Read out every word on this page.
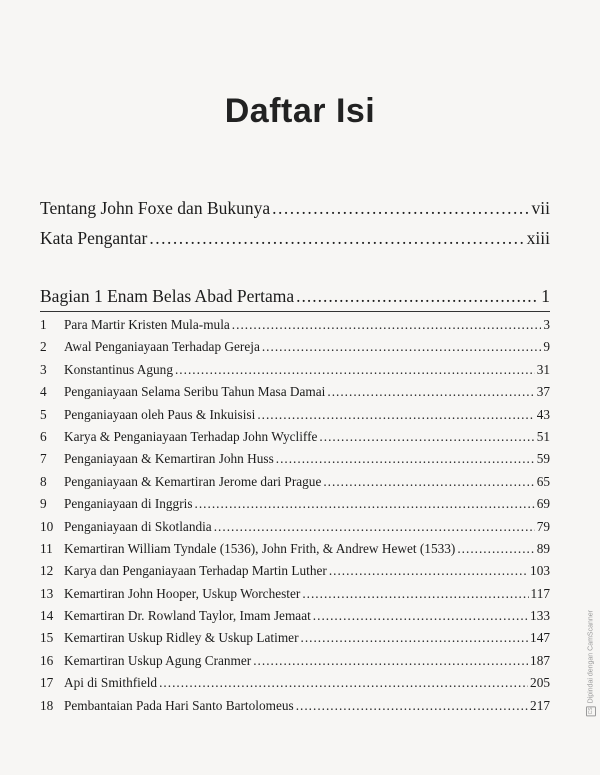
Daftar Isi
Tentang John Foxe dan Bukunya .....	vii
Kata Pengantar .....	xiii
Bagian 1 Enam Belas Abad Pertama .....	1
1	Para Martir Kristen Mula-mula .....	3
2	Awal Penganiayaan Terhadap Gereja .....	9
3	Konstantinus Agung .....	31
4	Penganiayaan Selama Seribu Tahun Masa Damai .....	37
5	Penganiayaan oleh Paus & Inkuisisi .....	43
6	Karya & Penganiayaan Terhadap John Wycliffe .....	51
7	Penganiayaan & Kemartiran John Huss .....	59
8	Penganiayaan & Kemartiran Jerome dari Prague .....	65
9	Penganiayaan di Inggris .....	69
10 Penganiayaan di Skotlandia .....	79
11 Kemartiran William Tyndale (1536), John Frith, & Andrew Hewet (1533) .....	89
12 Karya dan Penganiayaan Terhadap Martin Luther .....	103
13 Kemartiran John Hooper, Uskup Worchester .....	117
14 Kemartiran Dr. Rowland Taylor, Imam Jemaat .....	133
15 Kemartiran Uskup Ridley & Uskup Latimer .....	147
16 Kemartiran Uskup Agung Cranmer .....	187
17 Api di Smithfield .....	205
18 Pembantaian Pada Hari Santo Bartolomeus .....	217	CS
Dipindai dengan CamScanner
